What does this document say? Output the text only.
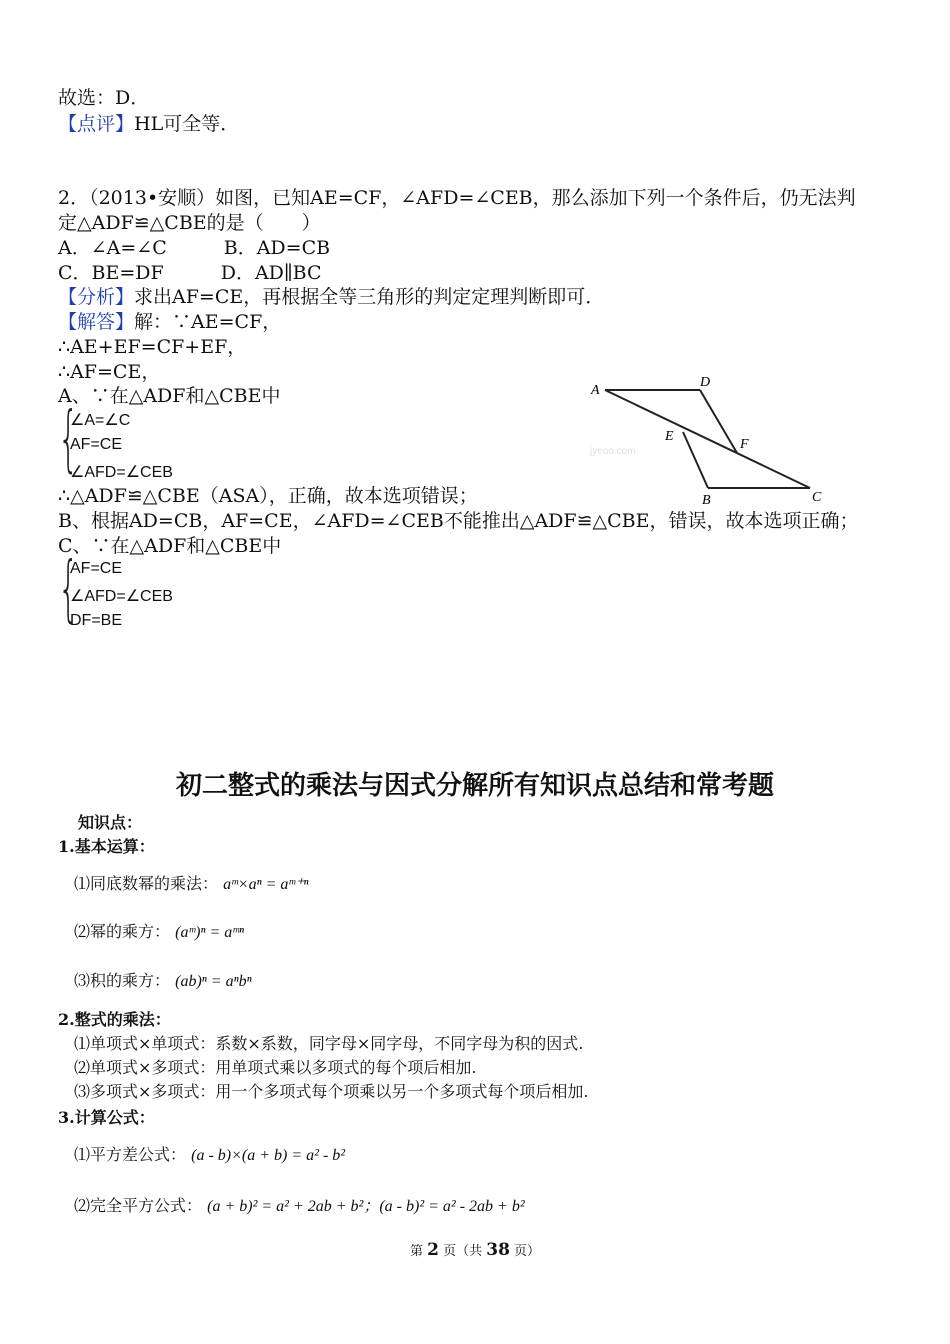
故选：D．
【点评】HL可全等．
2．（2013•安顺）如图，已知AE=CF，∠AFD=∠CEB，那么添加下列一个条件后，仍无法判
定△ADF≌△CBE的是（　　）
A．∠A=∠C　　　B．AD=CB
C．BE=DF　　　D．AD∥BC
【分析】求出AF=CE，再根据全等三角形的判定定理判断即可．
【解答】解：∵AE=CF，
∴AE+EF=CF+EF，
∴AF=CE，
A、∵在△ADF和△CBE中
{
∠A=∠C
AF=CE
∠AFD=∠CEB
∴△ADF≌△CBE（ASA），正确，故本选项错误；
B、根据AD=CB，AF=CE，∠AFD=∠CEB不能推出△ADF≌△CBE，错误，故本选项正确；
C、∵在△ADF和△CBE中
{
AF=CE
∠AFD=∠CEB
DF=BE
A
D
E
F
B	C
jyeoo.com
初二整式的乘法与因式分解所有知识点总结和常考题
知识点：
1.基本运算：
⑴同底数幂的乘法： aᵐ×aⁿ = aᵐ⁺ⁿ
⑵幂的乘方： (aᵐ)ⁿ = aᵐⁿ
⑶积的乘方： (ab)ⁿ = aⁿbⁿ
2.整式的乘法：
⑴单项式×单项式：系数×系数，同字母×同字母，不同字母为积的因式.
⑵单项式×多项式：用单项式乘以多项式的每个项后相加.
⑶多项式×多项式：用一个多项式每个项乘以另一个多项式每个项后相加.
3.计算公式：
⑴平方差公式： (a - b)×(a + b) = a² - b²
⑵完全平方公式： (a + b)² = a² + 2ab + b²；(a - b)² = a² - 2ab + b²
第 2 页（共 38 页）
